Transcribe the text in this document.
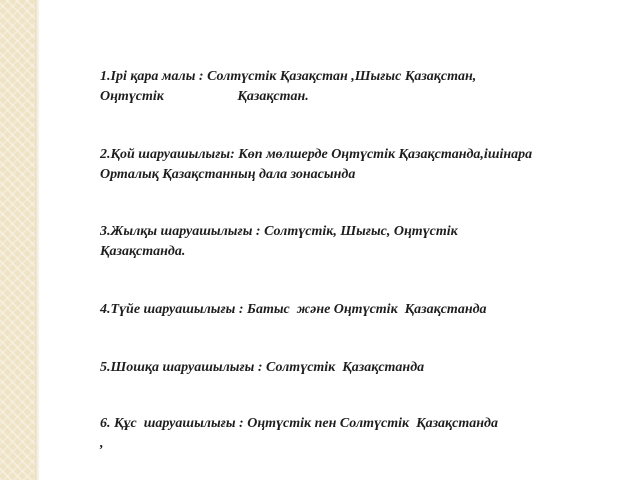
1.Ірі қара малы : Солтүстік Қазақстан ,Шығыс Қазақстан,
Оңтүстік                     Қазақстан.

2.Қой шаруашылығы: Көп мөлшерде Оңтүстік Қазақстанда,ішінара
Орталық Қазақстанның дала зонасында

3.Жылқы шаруашылығы : Солтүстік, Шығыс, Оңтүстік
Қазақстанда.

4.Түйе шаруашылығы : Батыс  және Оңтүстік  Қазақстанда

5.Шошқа шаруашылығы : Солтүстік  Қазақстанда

6. Құс  шаруашылығы : Оңтүстік пен Солтүстік  Қазақстанда

,
